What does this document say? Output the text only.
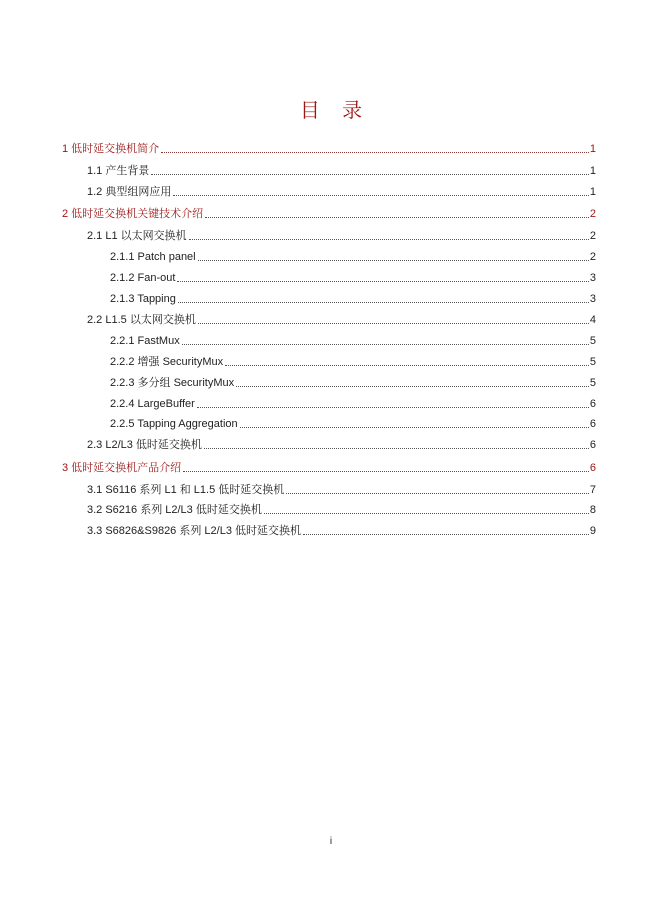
目 录
1 低时延交换机简介	1
1.1 产生背景	1
1.2 典型组网应用	1
2 低时延交换机关键技术介绍	2
2.1 L1 以太网交换机	2
2.1.1 Patch panel	2
2.1.2 Fan-out	3
2.1.3 Tapping	3
2.2 L1.5 以太网交换机	4
2.2.1 FastMux	5
2.2.2 增强 SecurityMux	5
2.2.3 多分组 SecurityMux	5
2.2.4 LargeBuffer	6
2.2.5 Tapping Aggregation	6
2.3 L2/L3 低时延交换机	6
3 低时延交换机产品介绍	6
3.1 S6116 系列 L1 和 L1.5 低时延交换机	7
3.2 S6216 系列 L2/L3 低时延交换机	8
3.3 S6826&S9826 系列 L2/L3 低时延交换机	9
i
